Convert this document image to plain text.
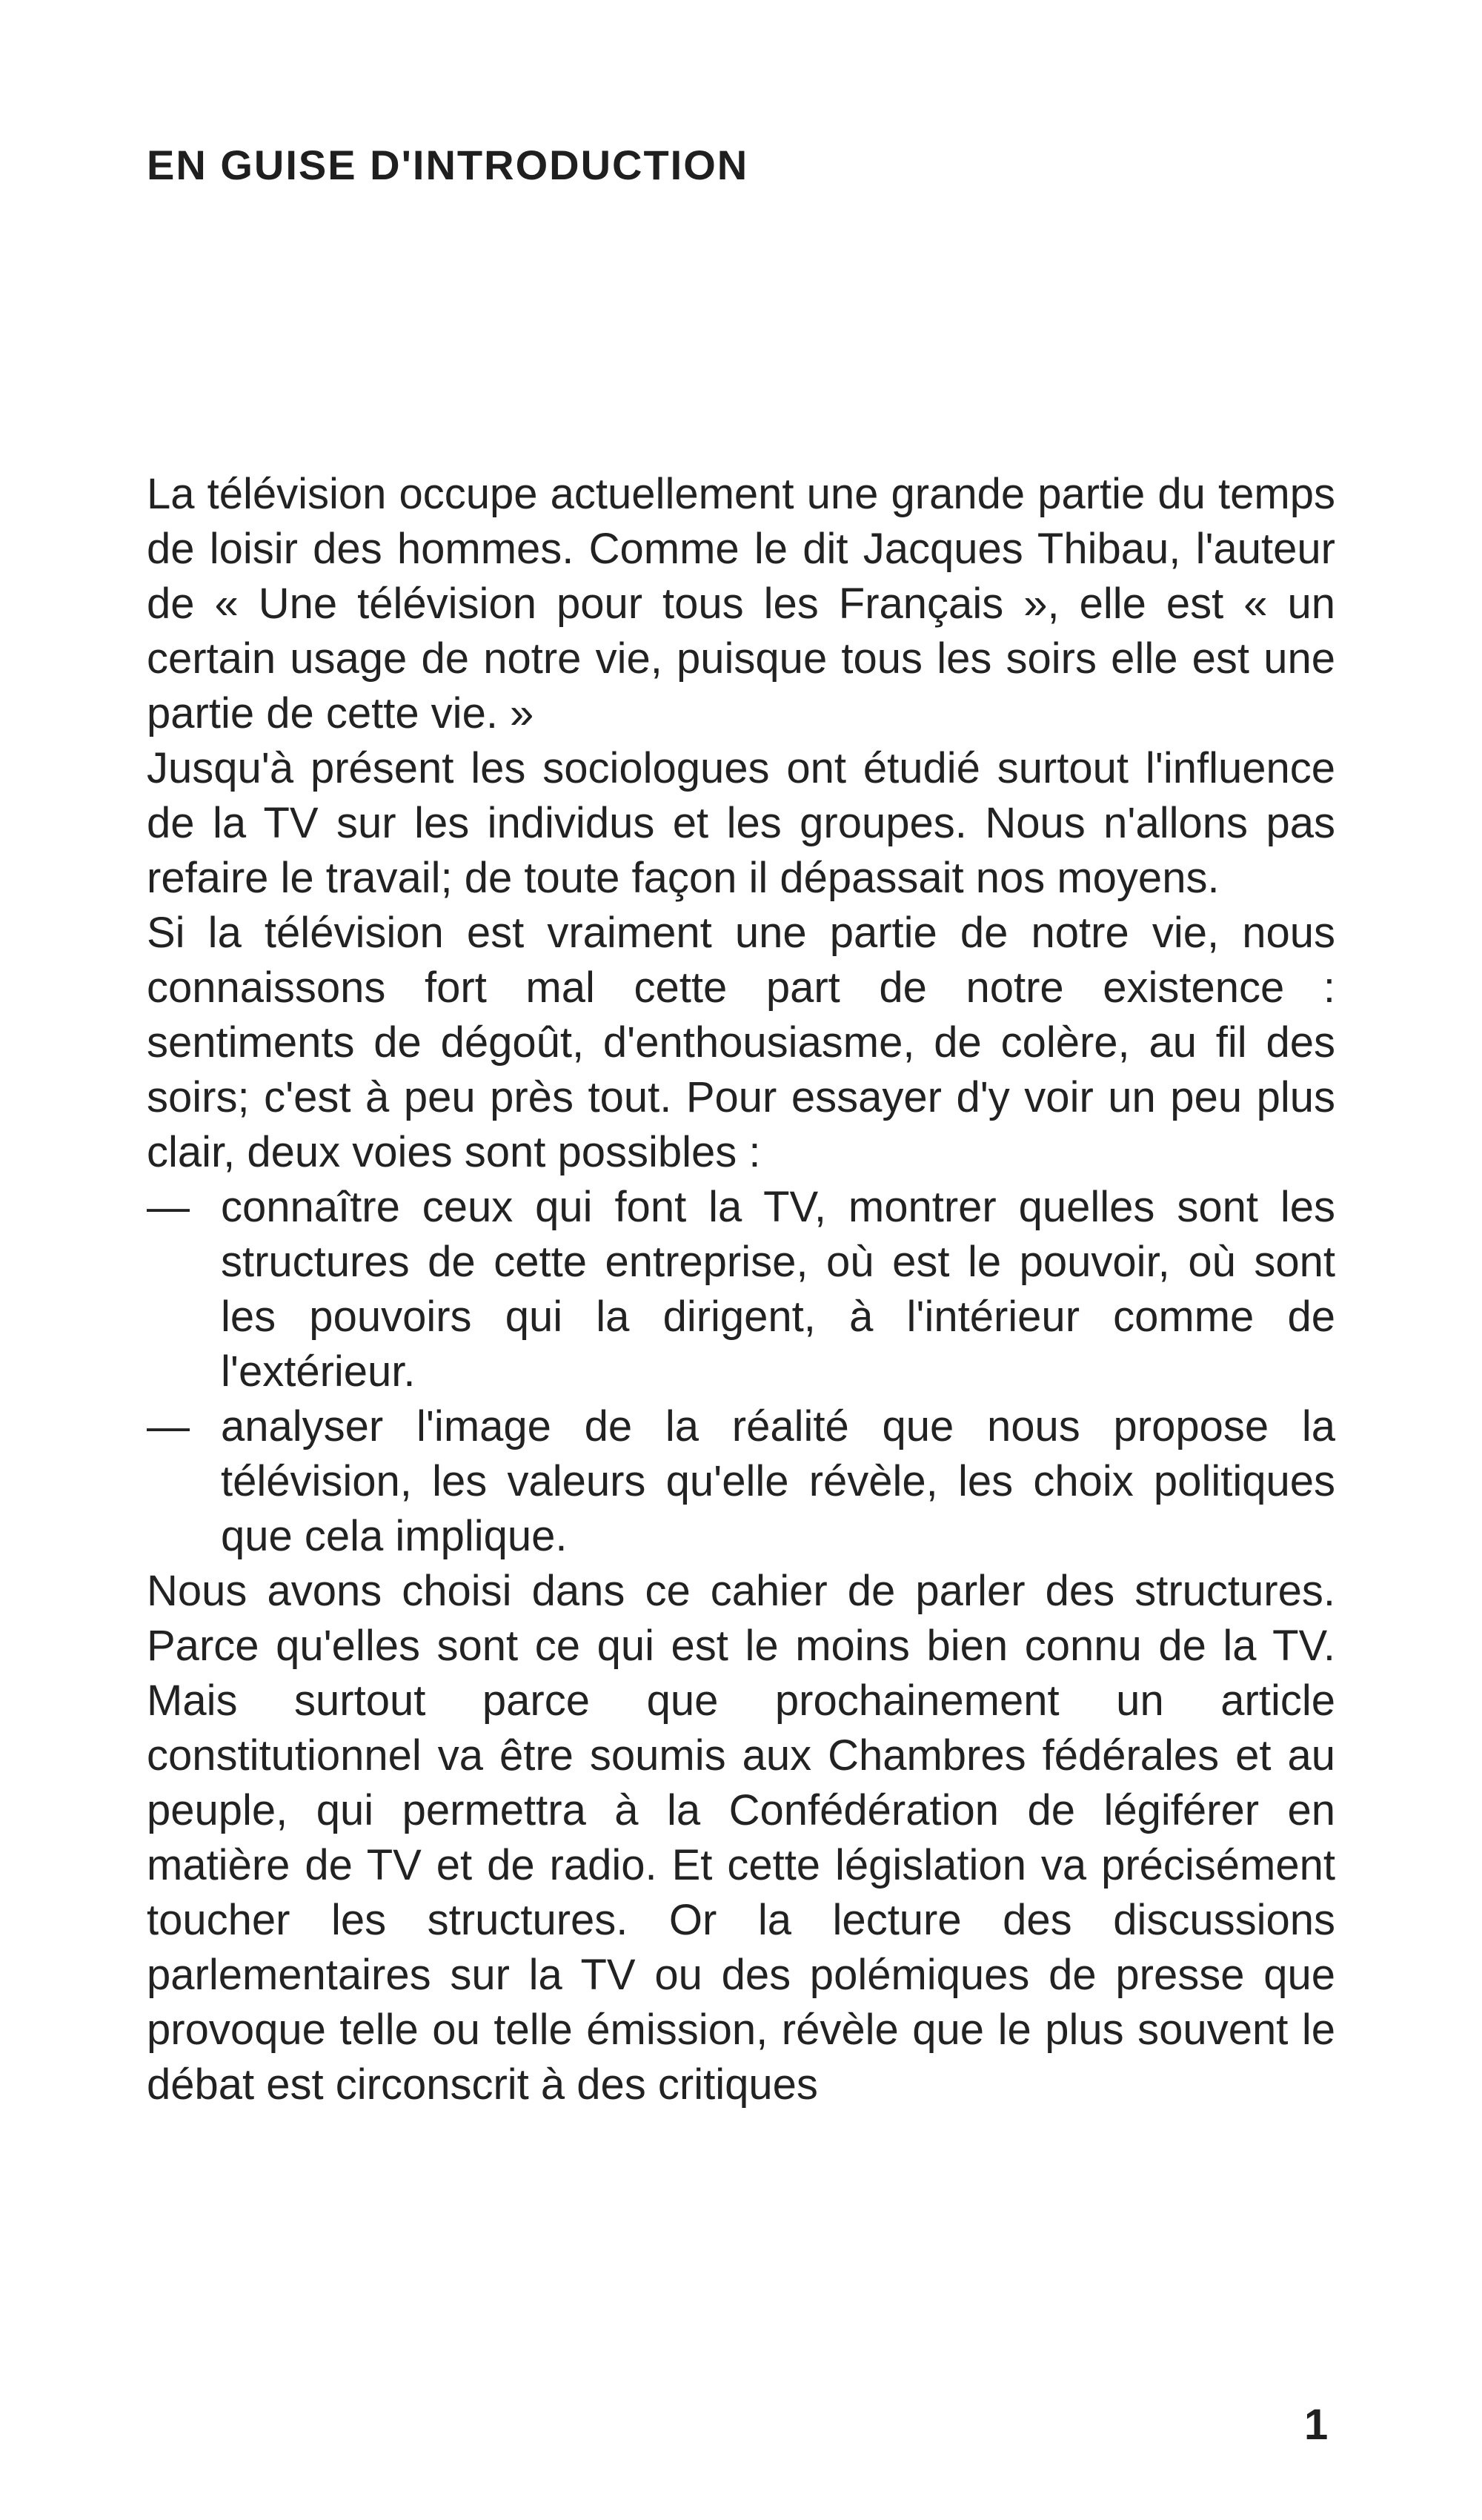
EN GUISE D'INTRODUCTION

La télévision occupe actuellement une grande partie du temps de loisir des hommes. Comme le dit Jacques Thibau, l'auteur de « Une télévision pour tous les Français », elle est « un certain usage de notre vie, puisque tous les soirs elle est une partie de cette vie. »

Jusqu'à présent les sociologues ont étudié surtout l'influence de la TV sur les individus et les groupes. Nous n'allons pas refaire le travail; de toute façon il dépassait nos moyens.

Si la télévision est vraiment une partie de notre vie, nous connaissons fort mal cette part de notre existence : sentiments de dégoût, d'enthousiasme, de colère, au fil des soirs; c'est à peu près tout. Pour essayer d'y voir un peu plus clair, deux voies sont possibles :

— connaître ceux qui font la TV, montrer quelles sont les structures de cette entreprise, où est le pouvoir, où sont les pouvoirs qui la dirigent, à l'intérieur comme de l'extérieur.
— analyser l'image de la réalité que nous propose la télévision, les valeurs qu'elle révèle, les choix politiques que cela implique.

Nous avons choisi dans ce cahier de parler des structures. Parce qu'elles sont ce qui est le moins bien connu de la TV. Mais surtout parce que prochainement un article constitutionnel va être soumis aux Chambres fédérales et au peuple, qui permettra à la Confédération de légiférer en matière de TV et de radio. Et cette législation va précisément toucher les structures. Or la lecture des discussions parlementaires sur la TV ou des polémiques de presse que provoque telle ou telle émission, révèle que le plus souvent le débat est circonscrit à des critiques

1
